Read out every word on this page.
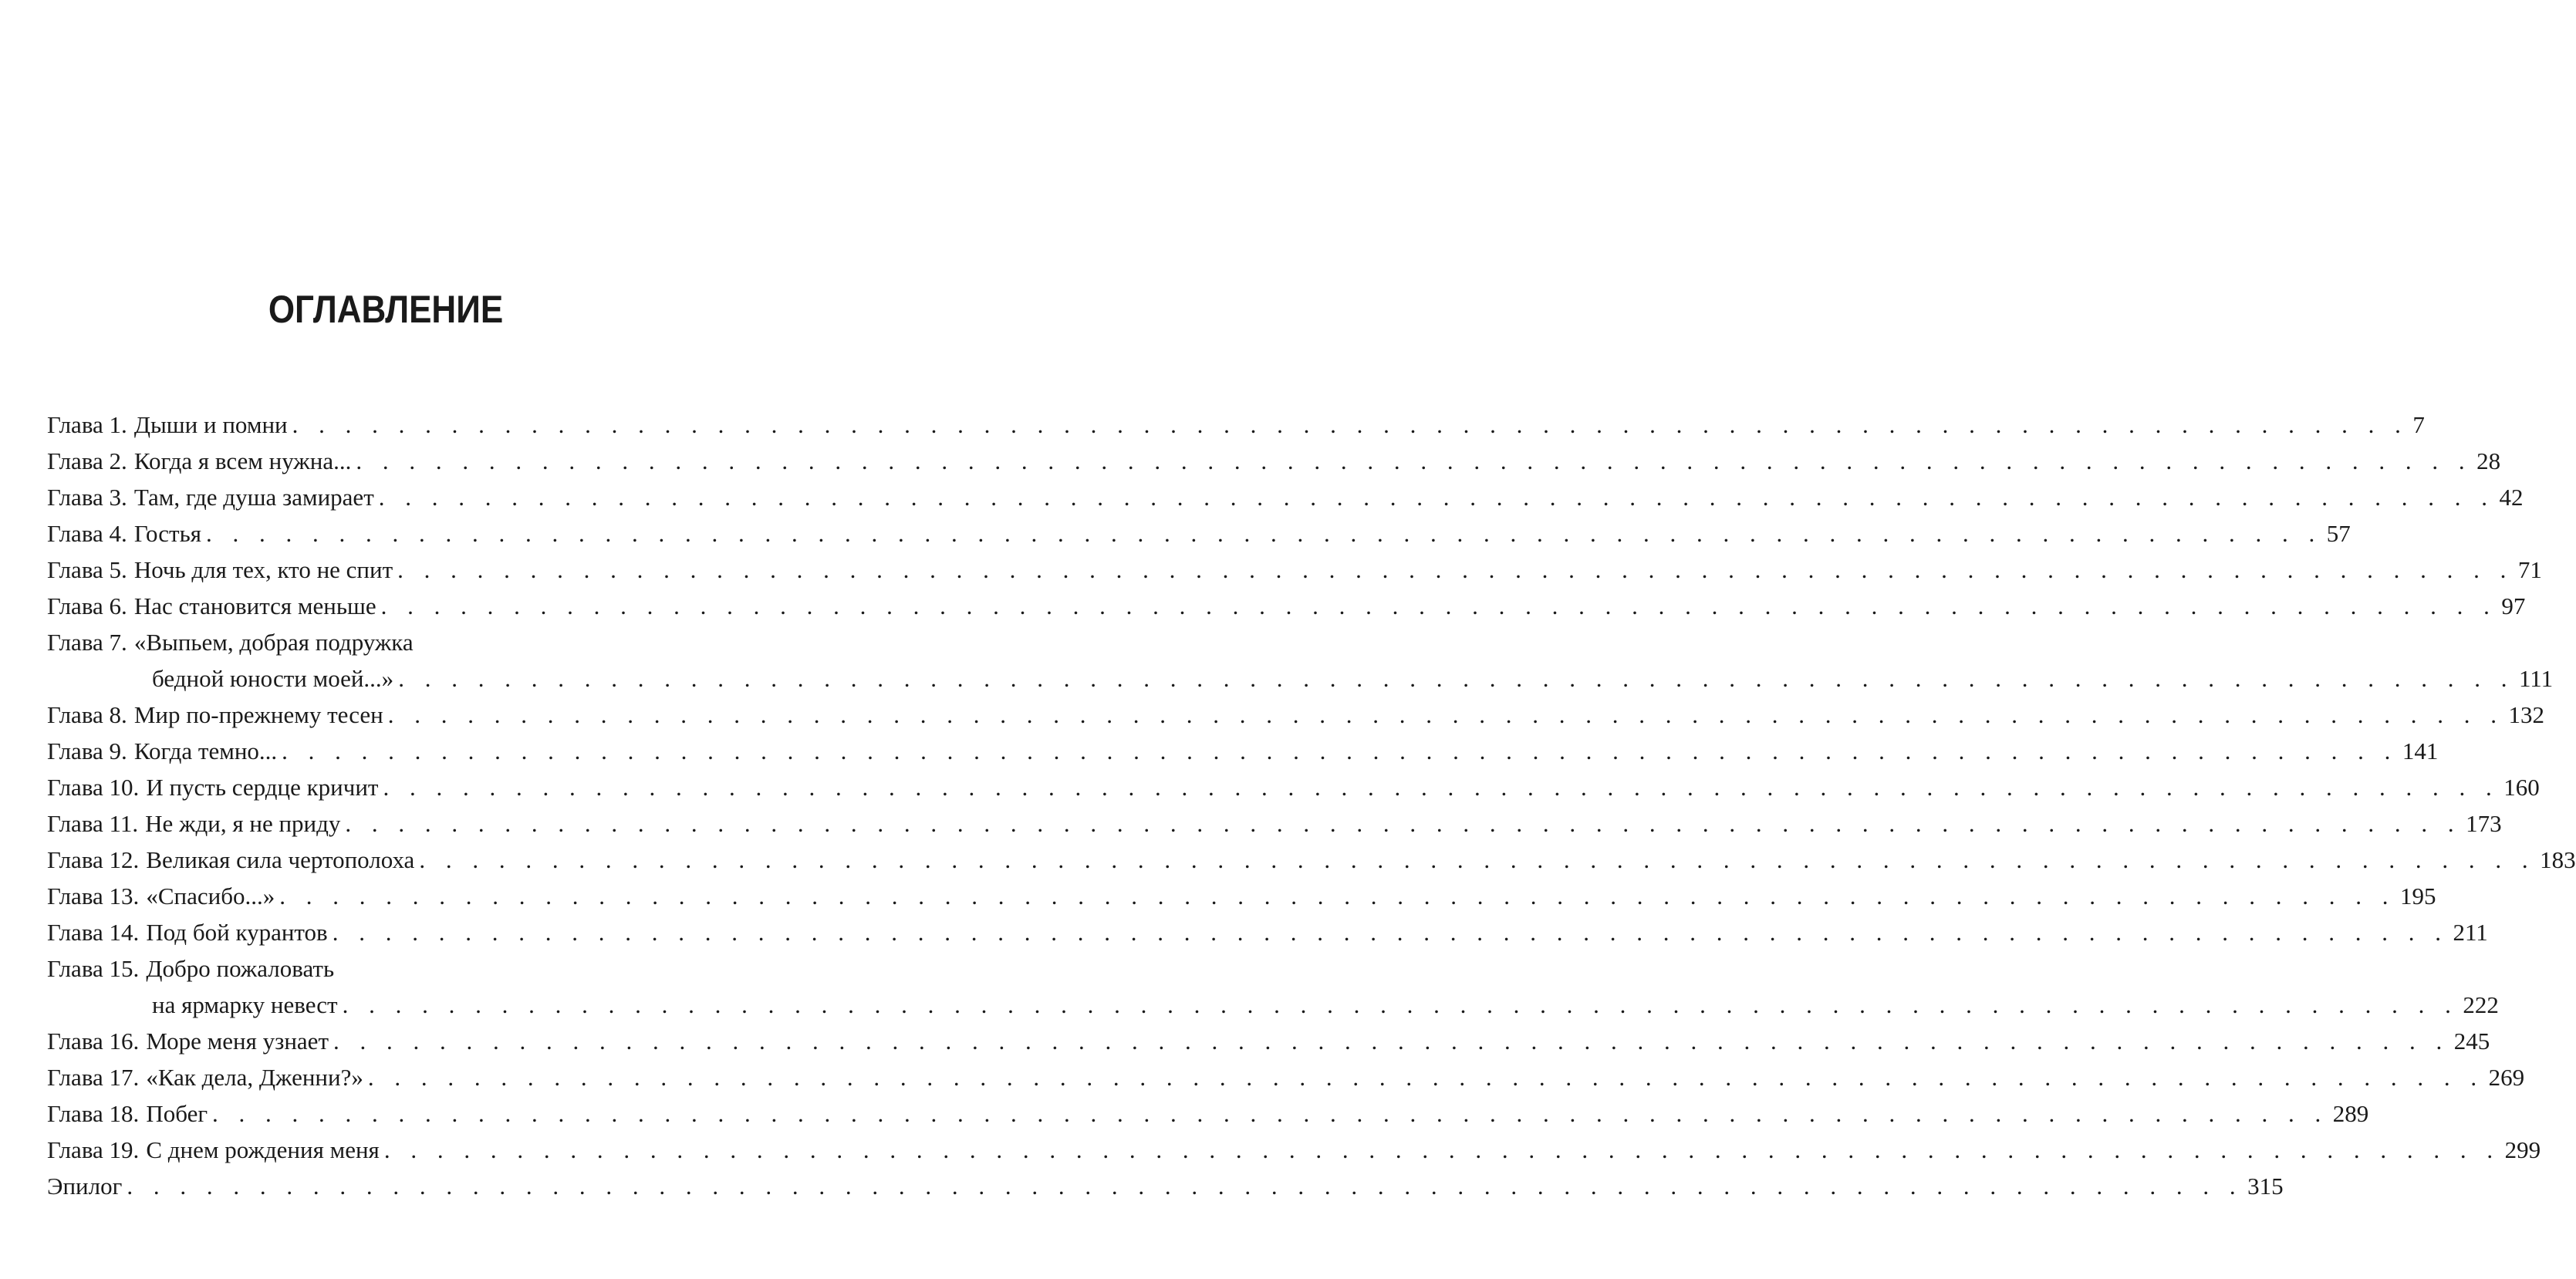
ОГЛАВЛЕНИЕ
Глава 1. Дыши и помни . . . . . . . . . . . . . . . . . . . . . . . . . . . . . . . . . . . . . . . . . . . . . . . . . . . . . . . . . . . . . . . . . . . . . . . . . . . . . . . . 7
Глава 2. Когда я всем нужна... . . . . . . . . . . . . . . . . . . . . . . . . . . . . . . . . . . . . . . . . . . . . . . . . . . . . . . . . . . . . . . . . . . . . . . . . . . . . . . . . 28
Глава 3. Там, где душа замирает . . . . . . . . . . . . . . . . . . . . . . . . . . . . . . . . . . . . . . . . . . . . . . . . . . . . . . . . . . . . . . . . . . . . . . . . . . . . . . . . 42
Глава 4. Гостья . . . . . . . . . . . . . . . . . . . . . . . . . . . . . . . . . . . . . . . . . . . . . . . . . . . . . . . . . . . . . . . . . . . . . . . . . . . . . . . . 57
Глава 5. Ночь для тех, кто не спит . . . . . . . . . . . . . . . . . . . . . . . . . . . . . . . . . . . . . . . . . . . . . . . . . . . . . . . . . . . . . . . . . . . . . . . . . . . . . . . . 71
Глава 6. Нас становится меньше . . . . . . . . . . . . . . . . . . . . . . . . . . . . . . . . . . . . . . . . . . . . . . . . . . . . . . . . . . . . . . . . . . . . . . . . . . . . . . . . 97
Глава 7. «Выпьем, добрая подружка
бедной юности моей...» . . . . . . . . . . . . . . . . . . . . . . . . . . . . . . . . . . . . . . . . . . . . . . . . . . . . . . . . . . . . . . . . . . . . . . . . . . . . . . . . 111
Глава 8. Мир по-прежнему тесен . . . . . . . . . . . . . . . . . . . . . . . . . . . . . . . . . . . . . . . . . . . . . . . . . . . . . . . . . . . . . . . . . . . . . . . . . . . . . . . . 132
Глава 9. Когда темно... . . . . . . . . . . . . . . . . . . . . . . . . . . . . . . . . . . . . . . . . . . . . . . . . . . . . . . . . . . . . . . . . . . . . . . . . . . . . . . . . 141
Глава 10. И пусть сердце кричит . . . . . . . . . . . . . . . . . . . . . . . . . . . . . . . . . . . . . . . . . . . . . . . . . . . . . . . . . . . . . . . . . . . . . . . . . . . . . . . . 160
Глава 11. Не жди, я не приду . . . . . . . . . . . . . . . . . . . . . . . . . . . . . . . . . . . . . . . . . . . . . . . . . . . . . . . . . . . . . . . . . . . . . . . . . . . . . . . . 173
Глава 12. Великая сила чертополоха . . . . . . . . . . . . . . . . . . . . . . . . . . . . . . . . . . . . . . . . . . . . . . . . . . . . . . . . . . . . . . . . . . . . . . . . . . . . . . . . 183
Глава 13. «Спасибо...» . . . . . . . . . . . . . . . . . . . . . . . . . . . . . . . . . . . . . . . . . . . . . . . . . . . . . . . . . . . . . . . . . . . . . . . . . . . . . . . . 195
Глава 14. Под бой курантов . . . . . . . . . . . . . . . . . . . . . . . . . . . . . . . . . . . . . . . . . . . . . . . . . . . . . . . . . . . . . . . . . . . . . . . . . . . . . . . . 211
Глава 15. Добро пожаловать
на ярмарку невест . . . . . . . . . . . . . . . . . . . . . . . . . . . . . . . . . . . . . . . . . . . . . . . . . . . . . . . . . . . . . . . . . . . . . . . . . . . . . . . . 222
Глава 16. Море меня узнает . . . . . . . . . . . . . . . . . . . . . . . . . . . . . . . . . . . . . . . . . . . . . . . . . . . . . . . . . . . . . . . . . . . . . . . . . . . . . . . . 245
Глава 17. «Как дела, Дженни?» . . . . . . . . . . . . . . . . . . . . . . . . . . . . . . . . . . . . . . . . . . . . . . . . . . . . . . . . . . . . . . . . . . . . . . . . . . . . . . . . 269
Глава 18. Побег . . . . . . . . . . . . . . . . . . . . . . . . . . . . . . . . . . . . . . . . . . . . . . . . . . . . . . . . . . . . . . . . . . . . . . . . . . . . . . . . 289
Глава 19. С днем рождения меня . . . . . . . . . . . . . . . . . . . . . . . . . . . . . . . . . . . . . . . . . . . . . . . . . . . . . . . . . . . . . . . . . . . . . . . . . . . . . . . . 299
Эпилог . . . . . . . . . . . . . . . . . . . . . . . . . . . . . . . . . . . . . . . . . . . . . . . . . . . . . . . . . . . . . . . . . . . . . . . . . . . . . . . . 315
